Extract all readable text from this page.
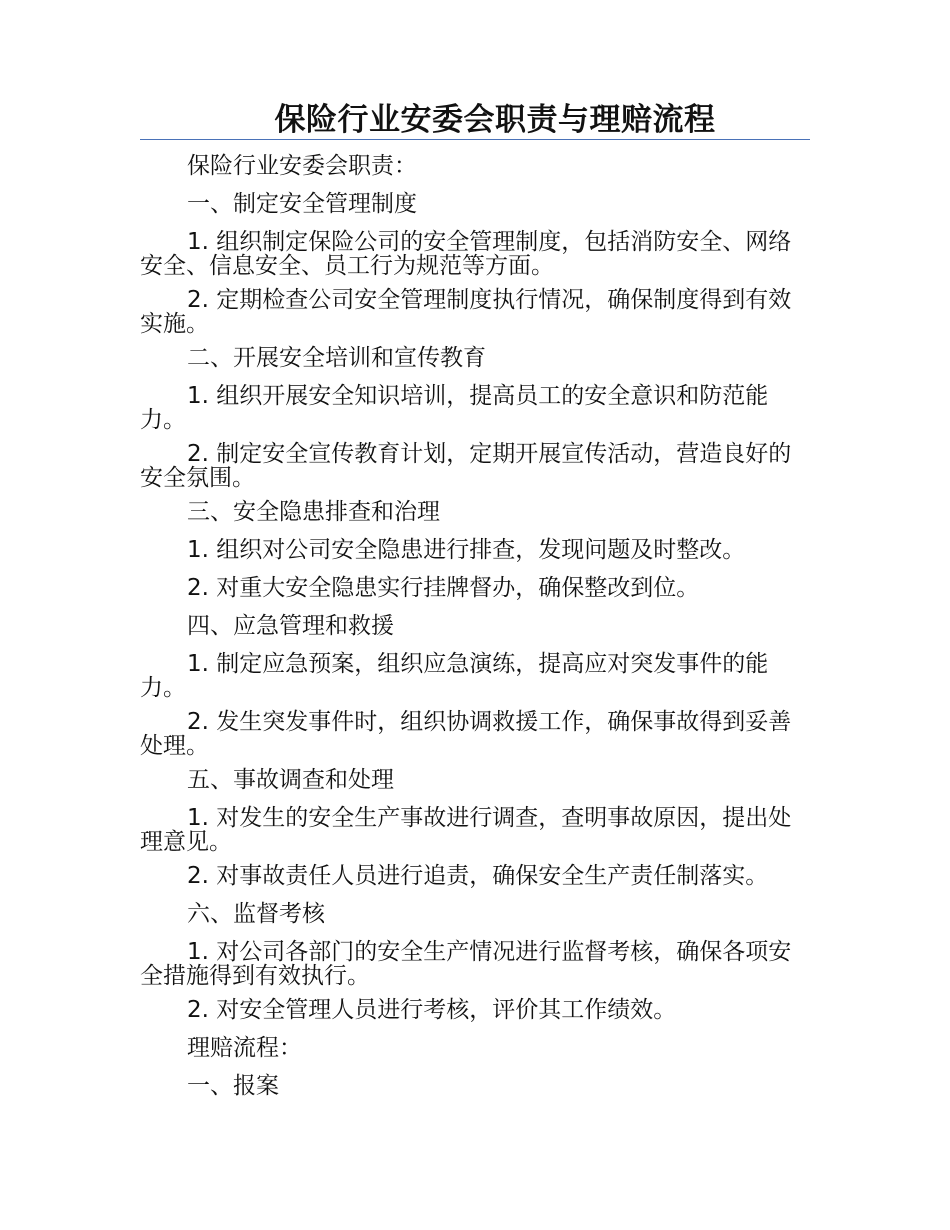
保险行业安委会职责与理赔流程

保险行业安委会职责：

一、制定安全管理制度

1. 组织制定保险公司的安全管理制度，包括消防安全、网络安全、信息安全、员工行为规范等方面。

2. 定期检查公司安全管理制度执行情况，确保制度得到有效实施。

二、开展安全培训和宣传教育

1. 组织开展安全知识培训，提高员工的安全意识和防范能力。

2. 制定安全宣传教育计划，定期开展宣传活动，营造良好的安全氛围。

三、安全隐患排查和治理

1. 组织对公司安全隐患进行排查，发现问题及时整改。

2. 对重大安全隐患实行挂牌督办，确保整改到位。

四、应急管理和救援

1. 制定应急预案，组织应急演练，提高应对突发事件的能力。

2. 发生突发事件时，组织协调救援工作，确保事故得到妥善处理。

五、事故调查和处理

1. 对发生的安全生产事故进行调查，查明事故原因，提出处理意见。

2. 对事故责任人员进行追责，确保安全生产责任制落实。

六、监督考核

1. 对公司各部门的安全生产情况进行监督考核，确保各项安全措施得到有效执行。

2. 对安全管理人员进行考核，评价其工作绩效。

理赔流程：

一、报案
